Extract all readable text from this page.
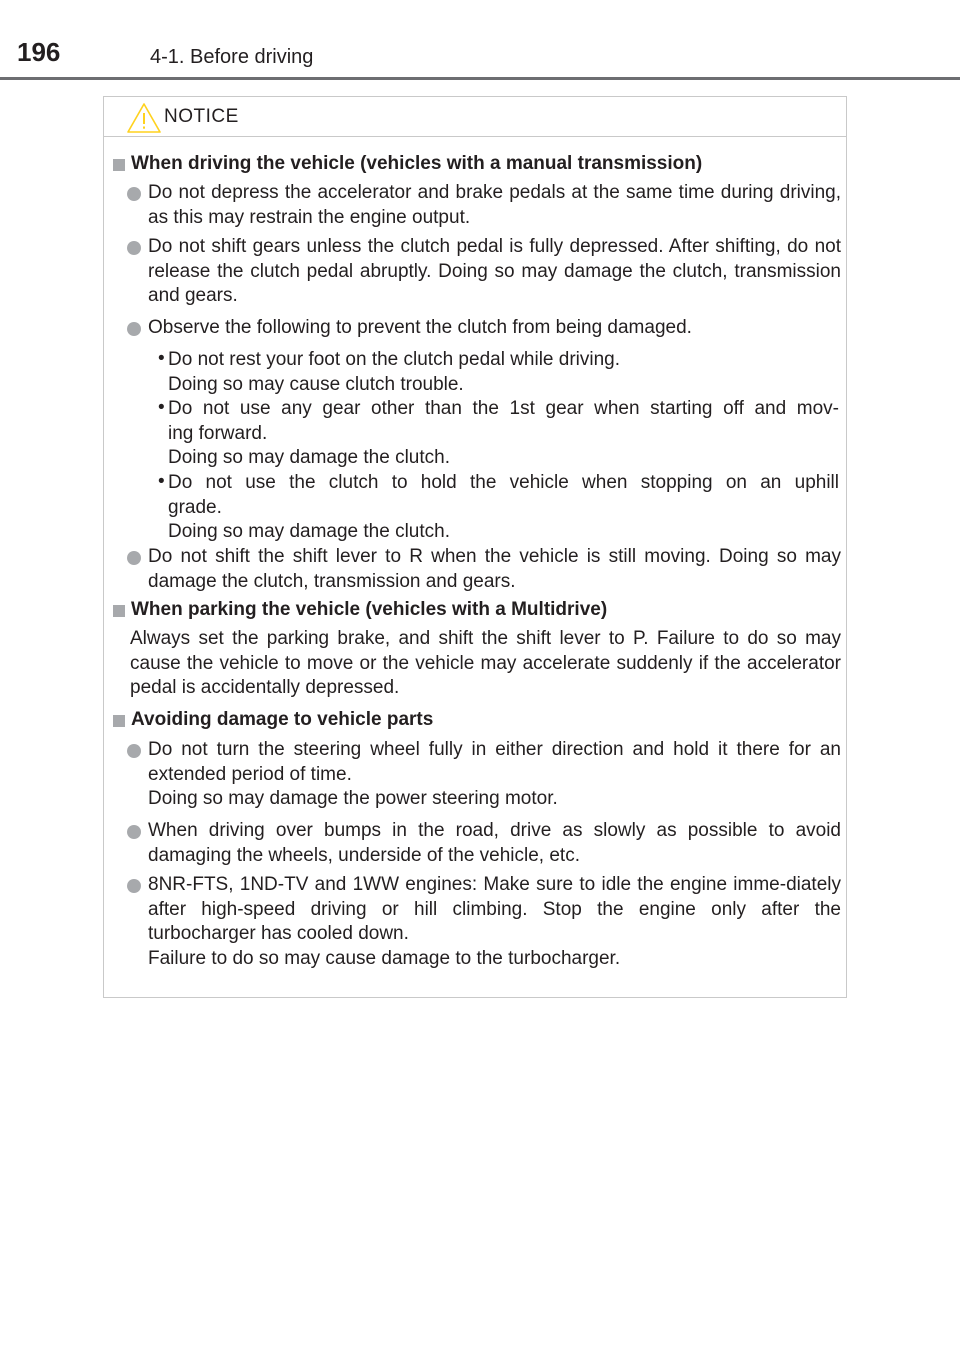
196	4-1. Before driving
NOTICE
When driving the vehicle (vehicles with a manual transmission)
Do not depress the accelerator and brake pedals at the same time during driving, as this may restrain the engine output.
Do not shift gears unless the clutch pedal is fully depressed. After shifting, do not release the clutch pedal abruptly. Doing so may damage the clutch, transmission and gears.
Observe the following to prevent the clutch from being damaged.
• Do not rest your foot on the clutch pedal while driving.
Doing so may cause clutch trouble.
• Do not use any gear other than the 1st gear when starting off and mov-
ing forward.
Doing so may damage the clutch.
• Do not use the clutch to hold the vehicle when stopping on an uphill
grade.
Doing so may damage the clutch.
Do not shift the shift lever to R when the vehicle is still moving. Doing so may damage the clutch, transmission and gears.
When parking the vehicle (vehicles with a Multidrive)
Always set the parking brake, and shift the shift lever to P. Failure to do so may cause the vehicle to move or the vehicle may accelerate suddenly if the accelerator pedal is accidentally depressed.
Avoiding damage to vehicle parts
Do not turn the steering wheel fully in either direction and hold it there for an extended period of time.
Doing so may damage the power steering motor.
When driving over bumps in the road, drive as slowly as possible to avoid damaging the wheels, underside of the vehicle, etc.
8NR-FTS, 1ND-TV and 1WW engines: Make sure to idle the engine imme-diately after high-speed driving or hill climbing. Stop the engine only after the turbocharger has cooled down.
Failure to do so may cause damage to the turbocharger.
